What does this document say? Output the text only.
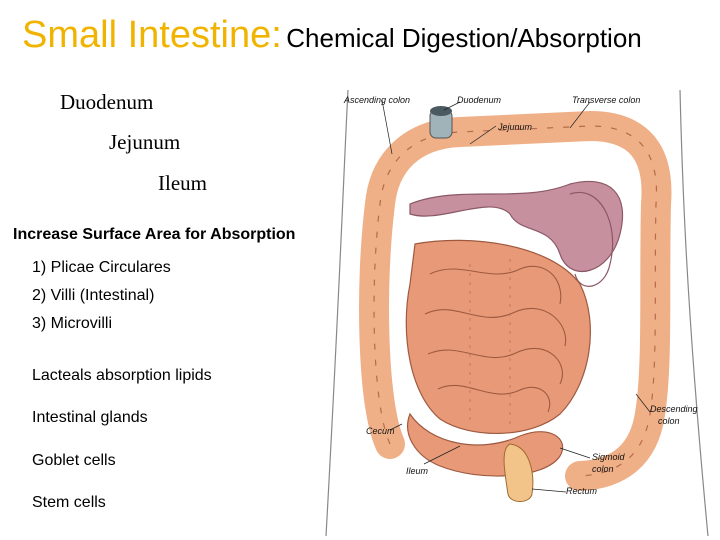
Small Intestine: Chemical Digestion/Absorption
Duodenum
Jejunum
Ileum
Increase Surface Area for Absorption
1) Plicae Circulares
2) Villi (Intestinal)
3) Microvilli
Lacteals absorption lipids
Intestinal glands
Goblet cells
Stem cells
Ascending colon	Duodenum	Transverse colon
Jejunum
Descending
colon
Cecum
Sigmoid
colon
Ileum
Rectum
